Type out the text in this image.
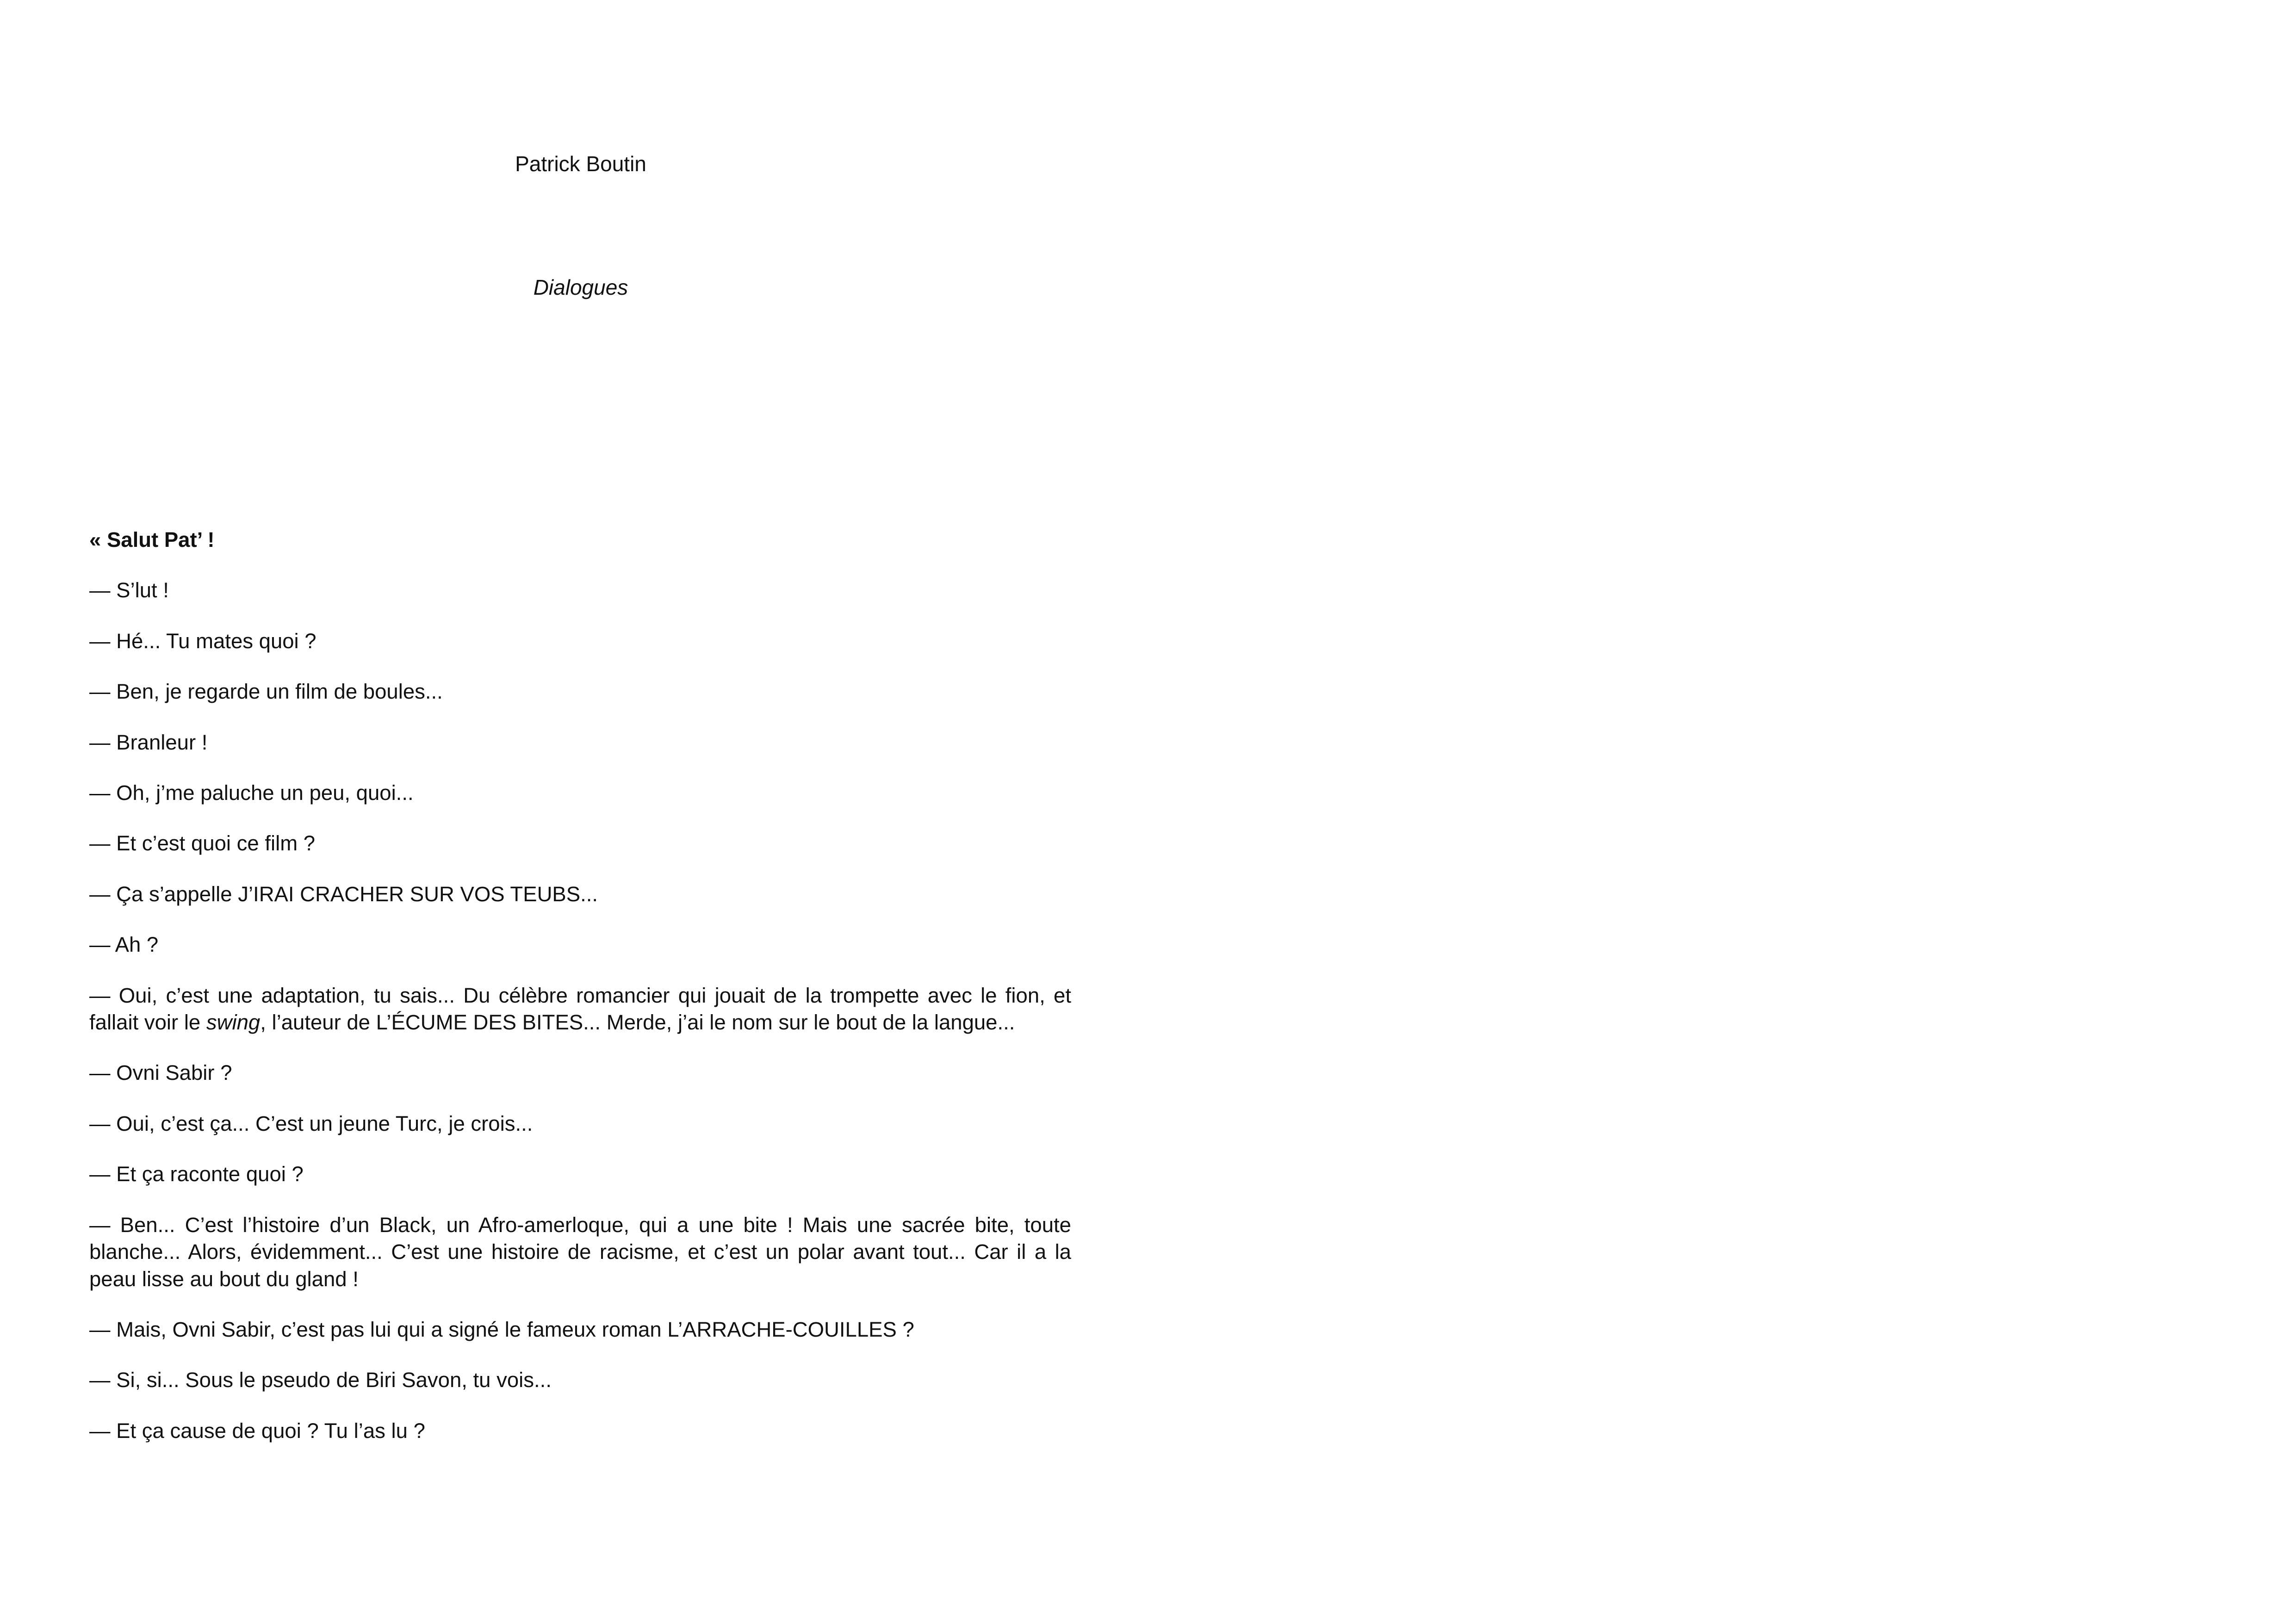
Patrick Boutin

Dialogues

« Salut Pat’ !

— S’lut !

— Hé... Tu mates quoi ?

— Ben, je regarde un film de boules...

— Branleur !

— Oh, j’me paluche un peu, quoi...

— Et c’est quoi ce film ?

— Ça s’appelle J’IRAI CRACHER SUR VOS TEUBS...

— Ah ?

— Oui, c’est une adaptation, tu sais... Du célèbre romancier qui jouait de la trompette avec le fion, et fallait voir le swing, l’auteur de L’ÉCUME DES BITES... Merde, j’ai le nom sur le bout de la langue...

— Ovni Sabir ?

— Oui, c’est ça... C’est un jeune Turc, je crois...

— Et ça raconte quoi ?

— Ben... C’est l’histoire d’un Black, un Afro-amerloque, qui a une bite ! Mais une sacrée bite, toute blanche... Alors, évidemment... C’est une histoire de racisme, et c’est un polar avant tout... Car il a la peau lisse au bout du gland !

— Mais, Ovni Sabir, c’est pas lui qui a signé le fameux roman L’ARRACHE-COUILLES ?

— Si, si... Sous le pseudo de Biri Savon, tu vois...

— Et ça cause de quoi ? Tu l’as lu ?
